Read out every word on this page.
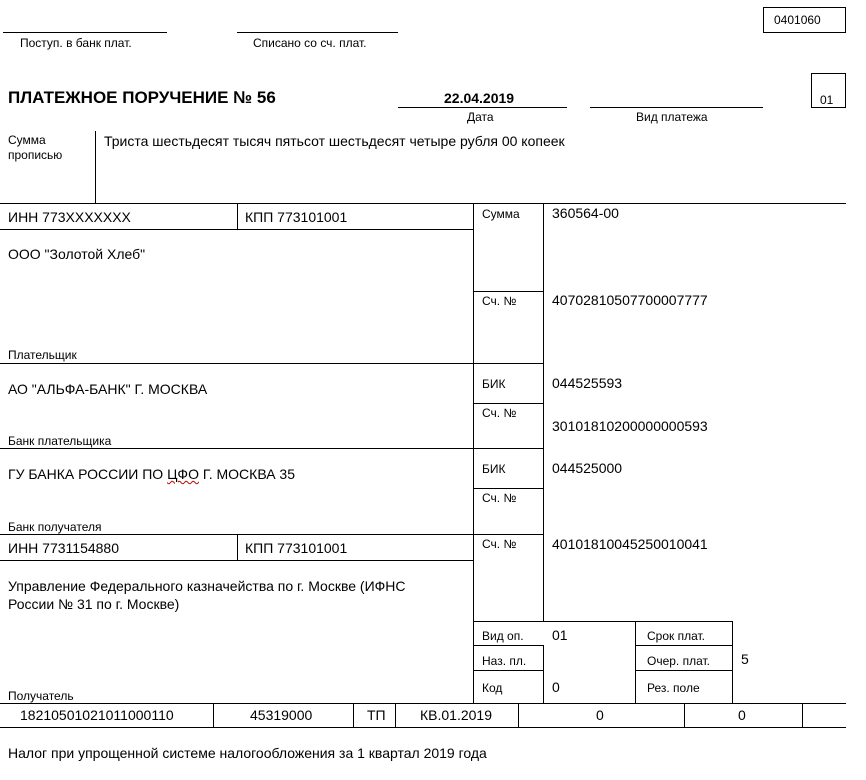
0401060
Поступ. в банк плат.	Списано со сч. плат.
ПЛАТЕЖНОЕ ПОРУЧЕНИЕ № 56	22.04.2019
Дата	Вид платежа
01
Сумма
прописью
Триста шестьдесят тысяч пятьсот шестьдесят четыре рубля 00 копеек
ИНН 773ХХХХХХХ	КПП 773101001
ООО "Золотой Хлеб"
Плательщик
Сумма 360564-00
Сч. №	40702810507700007777
АО "АЛЬФА-БАНК" Г. МОСКВА
Банк плательщика
БИК	044525593
Сч. №
30101810200000000593
ГУ БАНКА РОССИИ ПО ЦФО Г. МОСКВА 35
Банк получателя
БИК	044525000
Сч. №
ИНН 7731154880	КПП 773101001	Сч. №	40101810045250010041
Управление Федерального казначейства по г. Москве (ИФНС России № 31 по г. Москве)
Получатель
Вид оп. 01
Наз. пл.
Код	0
Срок плат.
Очер. плат. 5
Рез. поле
18210501021011000110	45319000	ТП КВ.01.2019	0	0
Налог при упрощенной системе налогообложения за 1 квартал 2019 года
